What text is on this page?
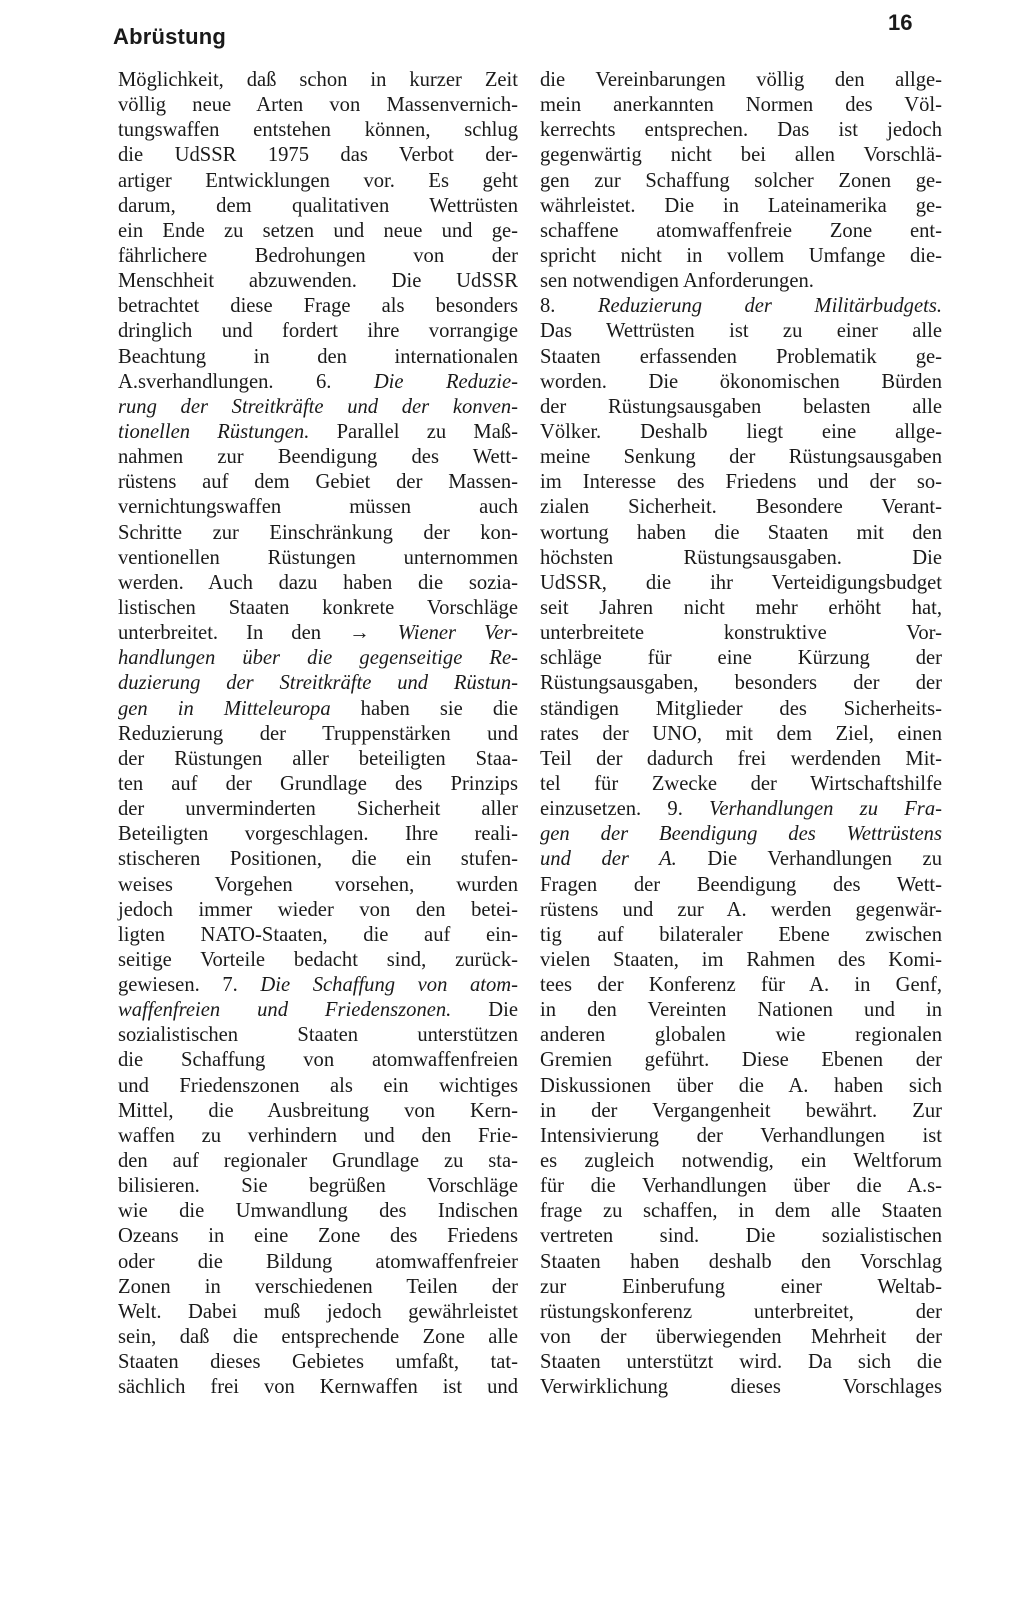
Abrüstung
16
Möglichkeit, daß schon in kurzer Zeit
völlig neue Arten von Massenvernich-
tungswaffen entstehen können, schlug
die UdSSR 1975 das Verbot der-
artiger Entwicklungen vor. Es geht
darum, dem qualitativen Wettrüsten
ein Ende zu setzen und neue und ge-
fährlichere Bedrohungen von der
Menschheit abzuwenden. Die UdSSR
betrachtet diese Frage als besonders
dringlich und fordert ihre vorrangige
Beachtung in den internationalen
A.sverhandlungen. 6. Die Reduzie-
rung der Streitkräfte und der konven-
tionellen Rüstungen. Parallel zu Maß-
nahmen zur Beendigung des Wett-
rüstens auf dem Gebiet der Massen-
vernichtungswaffen müssen auch
Schritte zur Einschränkung der kon-
ventionellen Rüstungen unternommen
werden. Auch dazu haben die sozia-
listischen Staaten konkrete Vorschläge
unterbreitet. In den → Wiener Ver-
handlungen über die gegenseitige Re-
duzierung der Streitkräfte und Rüstun-
gen in Mitteleuropa haben sie die
Reduzierung der Truppenstärken und
der Rüstungen aller beteiligten Staa-
ten auf der Grundlage des Prinzips
der unverminderten Sicherheit aller
Beteiligten vorgeschlagen. Ihre reali-
stischeren Positionen, die ein stufen-
weises Vorgehen vorsehen, wurden
jedoch immer wieder von den betei-
ligten NATO-Staaten, die auf ein-
seitige Vorteile bedacht sind, zurück-
gewiesen. 7. Die Schaffung von atom-
waffenfreien und Friedenszonen. Die
sozialistischen Staaten unterstützen
die Schaffung von atomwaffenfreien
und Friedenszonen als ein wichtiges
Mittel, die Ausbreitung von Kern-
waffen zu verhindern und den Frie-
den auf regionaler Grundlage zu sta-
bilisieren. Sie begrüßen Vorschläge
wie die Umwandlung des Indischen
Ozeans in eine Zone des Friedens
oder die Bildung atomwaffenfreier
Zonen in verschiedenen Teilen der
Welt. Dabei muß jedoch gewährleistet
sein, daß die entsprechende Zone alle
Staaten dieses Gebietes umfaßt, tat-
sächlich frei von Kernwaffen ist und
die Vereinbarungen völlig den allge-
mein anerkannten Normen des Völ-
kerrechts entsprechen. Das ist jedoch
gegenwärtig nicht bei allen Vorschlä-
gen zur Schaffung solcher Zonen ge-
währleistet. Die in Lateinamerika ge-
schaffene atomwaffenfreie Zone ent-
spricht nicht in vollem Umfange die-
sen notwendigen Anforderungen.
8. Reduzierung der Militärbudgets.
Das Wettrüsten ist zu einer alle
Staaten erfassenden Problematik ge-
worden. Die ökonomischen Bürden
der Rüstungsausgaben belasten alle
Völker. Deshalb liegt eine allge-
meine Senkung der Rüstungsausgaben
im Interesse des Friedens und der so-
zialen Sicherheit. Besondere Verant-
wortung haben die Staaten mit den
höchsten Rüstungsausgaben. Die
UdSSR, die ihr Verteidigungsbudget
seit Jahren nicht mehr erhöht hat,
unterbreitete konstruktive Vor-
schläge für eine Kürzung der
Rüstungsausgaben, besonders der der
ständigen Mitglieder des Sicherheits-
rates der UNO, mit dem Ziel, einen
Teil der dadurch frei werdenden Mit-
tel für Zwecke der Wirtschaftshilfe
einzusetzen. 9. Verhandlungen zu Fra-
gen der Beendigung des Wettrüstens
und der A. Die Verhandlungen zu
Fragen der Beendigung des Wett-
rüstens und zur A. werden gegenwär-
tig auf bilateraler Ebene zwischen
vielen Staaten, im Rahmen des Komi-
tees der Konferenz für A. in Genf,
in den Vereinten Nationen und in
anderen globalen wie regionalen
Gremien geführt. Diese Ebenen der
Diskussionen über die A. haben sich
in der Vergangenheit bewährt. Zur
Intensivierung der Verhandlungen ist
es zugleich notwendig, ein Weltforum
für die Verhandlungen über die A.s-
frage zu schaffen, in dem alle Staaten
vertreten sind. Die sozialistischen
Staaten haben deshalb den Vorschlag
zur Einberufung einer Weltab-
rüstungskonferenz unterbreitet, der
von der überwiegenden Mehrheit der
Staaten unterstützt wird. Da sich die
Verwirklichung dieses Vorschlages
